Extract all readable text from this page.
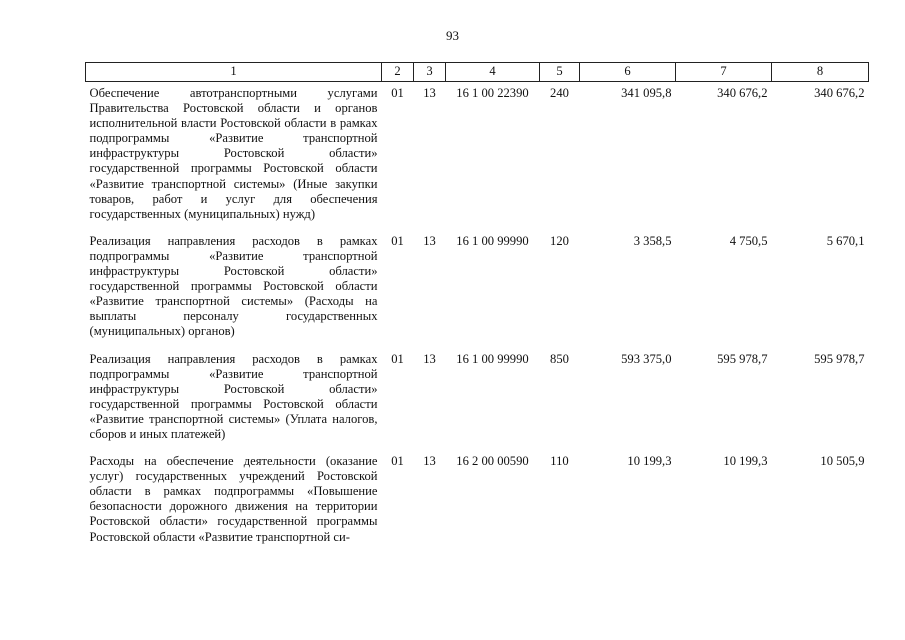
93
1	2	3	4	5	6	7	8
Обеспечение автотранспортными услугами Правительства Ростовской области и органов исполнительной власти Ростовской области в рамках подпрограммы «Развитие транспортной инфраструктуры Ростовской области» государственной программы Ростовской области «Развитие транспортной системы» (Иные закупки товаров, работ и услуг для обеспечения государственных (муниципальных) нужд)	01	13	16 1 00 22390	240	341 095,8	340 676,2	340 676,2
Реализация направления расходов в рамках подпрограммы «Развитие транспортной инфраструктуры Ростовской области» государственной программы Ростовской области «Развитие транспортной системы» (Расходы на выплаты персоналу государственных (муниципальных) органов)	01	13	16 1 00 99990	120	3 358,5	4 750,5	5 670,1
Реализация направления расходов в рамках подпрограммы «Развитие транспортной инфраструктуры Ростовской области» государственной программы Ростовской области «Развитие транспортной системы» (Уплата налогов, сборов и иных платежей)	01	13	16 1 00 99990	850	593 375,0	595 978,7	595 978,7
Расходы на обеспечение деятельности (оказание услуг) государственных учреждений Ростовской области в рамках подпрограммы «Повышение безопасности дорожного движения на территории Ростовской области» государственной программы Ростовской области «Развитие транспортной си-	01	13	16 2 00 00590	110	10 199,3	10 199,3	10 505,9
